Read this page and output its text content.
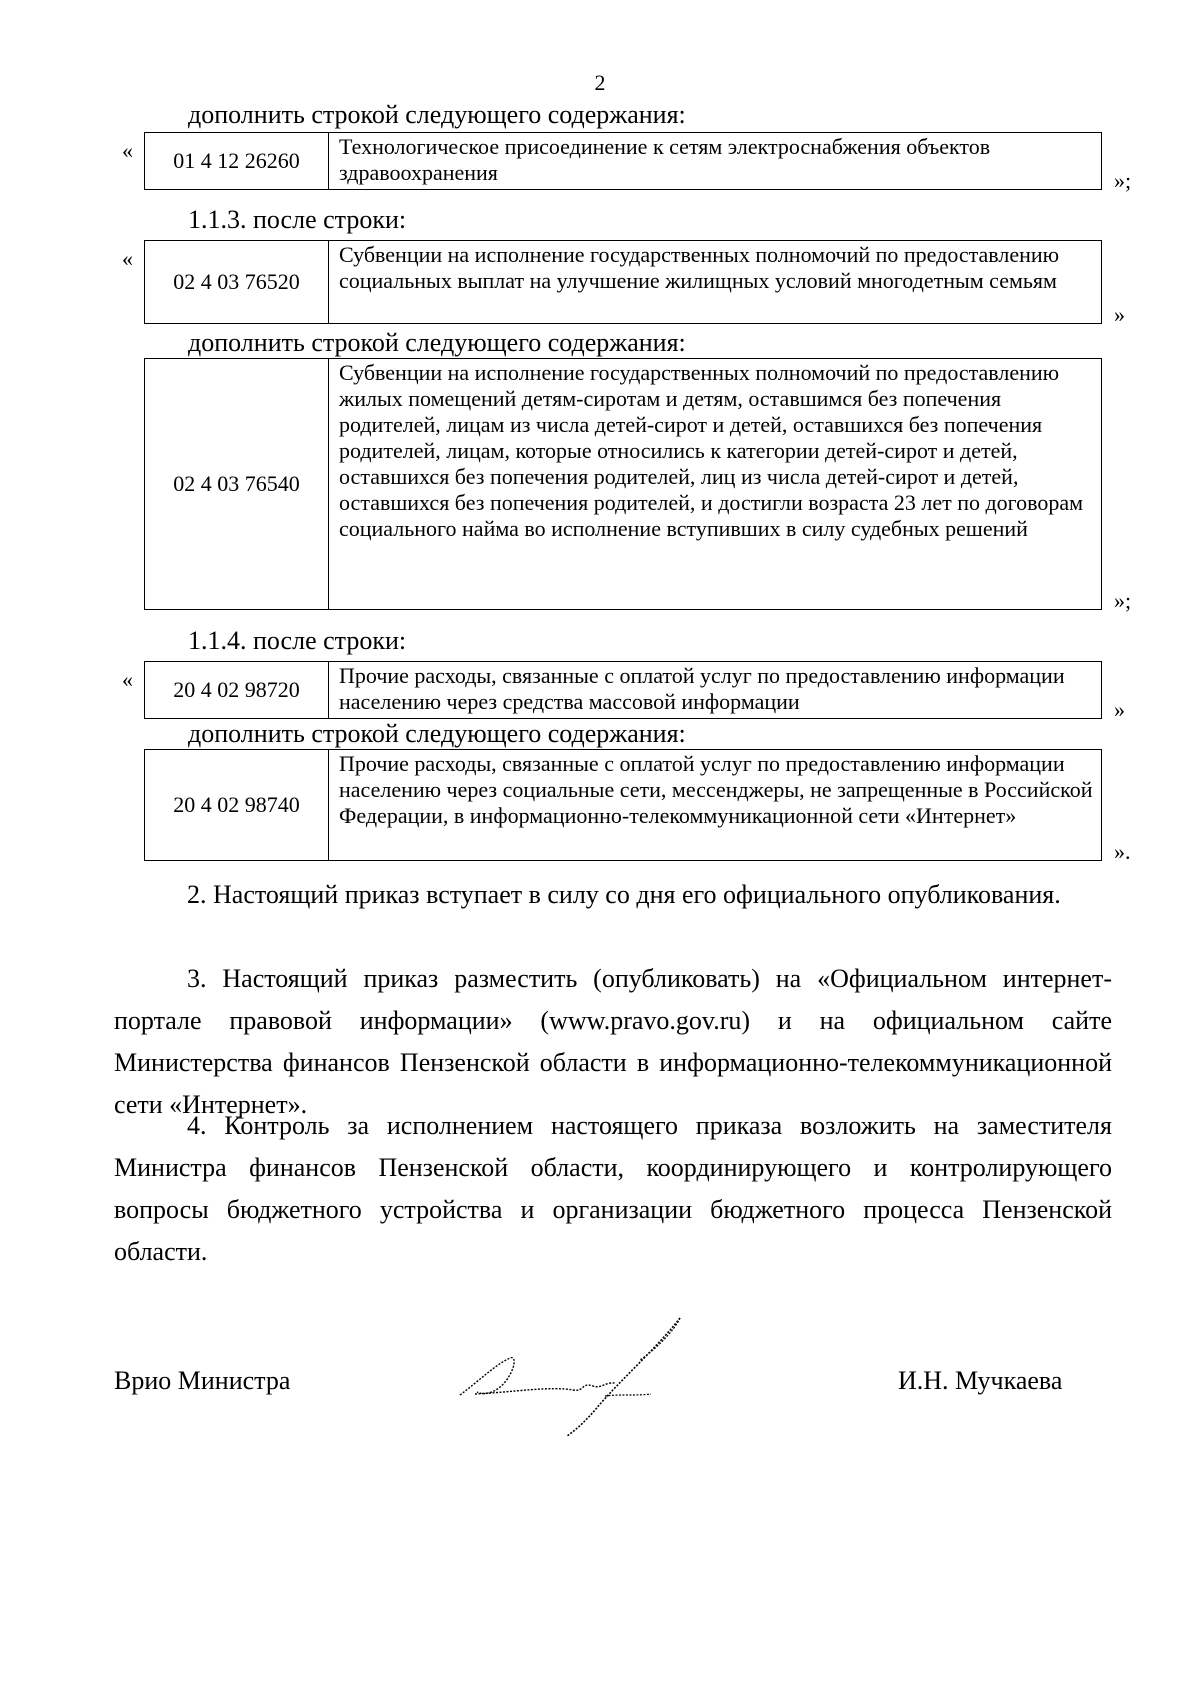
2
дополнить строкой следующего содержания:
«	01 4 12 26260
Технологическое присоединение к сетям электроснабжения объектов здравоохранения	»;
1.1.3. после строки:
«
02 4 03 76520
Субвенции на исполнение государственных полномочий по предоставлению социальных выплат на улучшение жилищных условий многодетным семьям
»
дополнить строкой следующего содержания:
02 4 03 76540
Субвенции на исполнение государственных полномочий по предоставлению жилых помещений детям-сиротам и детям, оставшимся без попечения родителей, лицам из числа детей-сирот и детей, оставшихся без попечения родителей, лицам, которые относились к категории детей-сирот и детей, оставшихся без попечения родителей, лиц из числа детей-сирот и детей, оставшихся без попечения родителей, и достигли возраста 23 лет по договорам социального найма во исполнение вступивших в силу судебных решений
»;
1.1.4. после строки:
«	20 4 02 98720
Прочие расходы, связанные с оплатой услуг по предоставлению информации населению через средства массовой информации	»
дополнить строкой следующего содержания:
20 4 02 98740
Прочие расходы, связанные с оплатой услуг по предоставлению информации населению через социальные сети, мессенджеры, не запрещенные в Российской Федерации, в информационно-телекоммуникационной сети «Интернет»
».
2. Настоящий приказ вступает в силу со дня его официального опубликования.
3. Настоящий приказ разместить (опубликовать) на «Официальном интернет-портале правовой информации» (www.pravo.gov.ru) и на официальном сайте Министерства финансов Пензенской области в информационно-телекоммуникационной сети «Интернет».
4. Контроль за исполнением настоящего приказа возложить на заместителя Министра финансов Пензенской области, координирующего и контролирующего вопросы бюджетного устройства и организации бюджетного процесса Пензенской области.
Врио Министра	И.Н. Мучкаева
